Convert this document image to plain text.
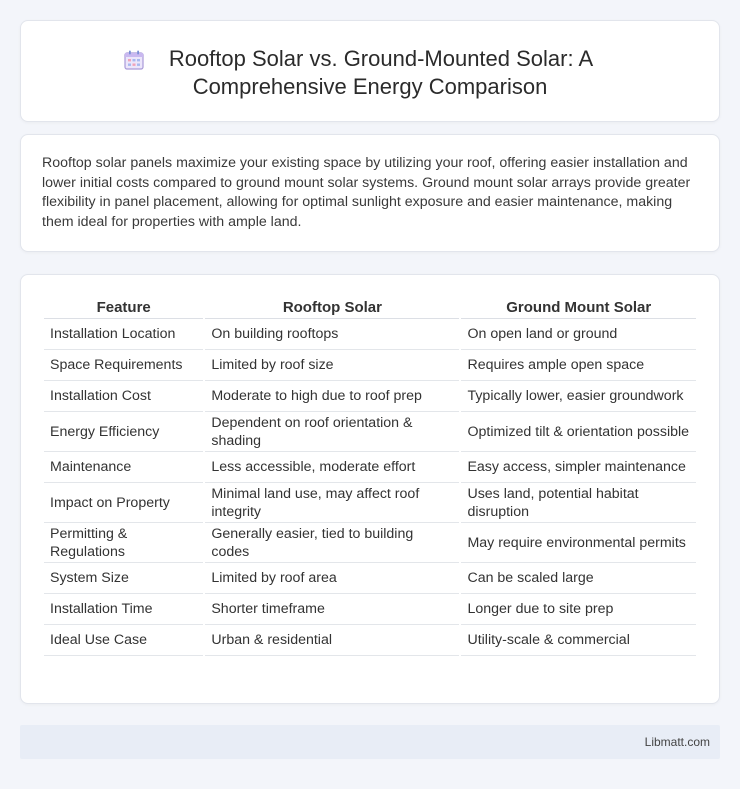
Rooftop Solar vs. Ground-Mounted Solar: A
Comprehensive Energy Comparison

Rooftop solar panels maximize your existing space by utilizing your roof, offering easier installation and lower initial costs compared to ground mount solar systems. Ground mount solar arrays provide greater flexibility in panel placement, allowing for optimal sunlight exposure and easier maintenance, making them ideal for properties with ample land.

Feature	Rooftop Solar	Ground Mount Solar
Installation Location	On building rooftops	On open land or ground
Space Requirements	Limited by roof size	Requires ample open space
Installation Cost	Moderate to high due to roof prep	Typically lower, easier groundwork
Energy Efficiency	Dependent on roof orientation & shading	Optimized tilt & orientation possible
Maintenance	Less accessible, moderate effort	Easy access, simpler maintenance
Impact on Property	Minimal land use, may affect roof integrity	Uses land, potential habitat disruption
Permitting & Regulations	Generally easier, tied to building codes	May require environmental permits
System Size	Limited by roof area	Can be scaled large
Installation Time	Shorter timeframe	Longer due to site prep
Ideal Use Case	Urban & residential	Utility-scale & commercial
Libmatt.com
